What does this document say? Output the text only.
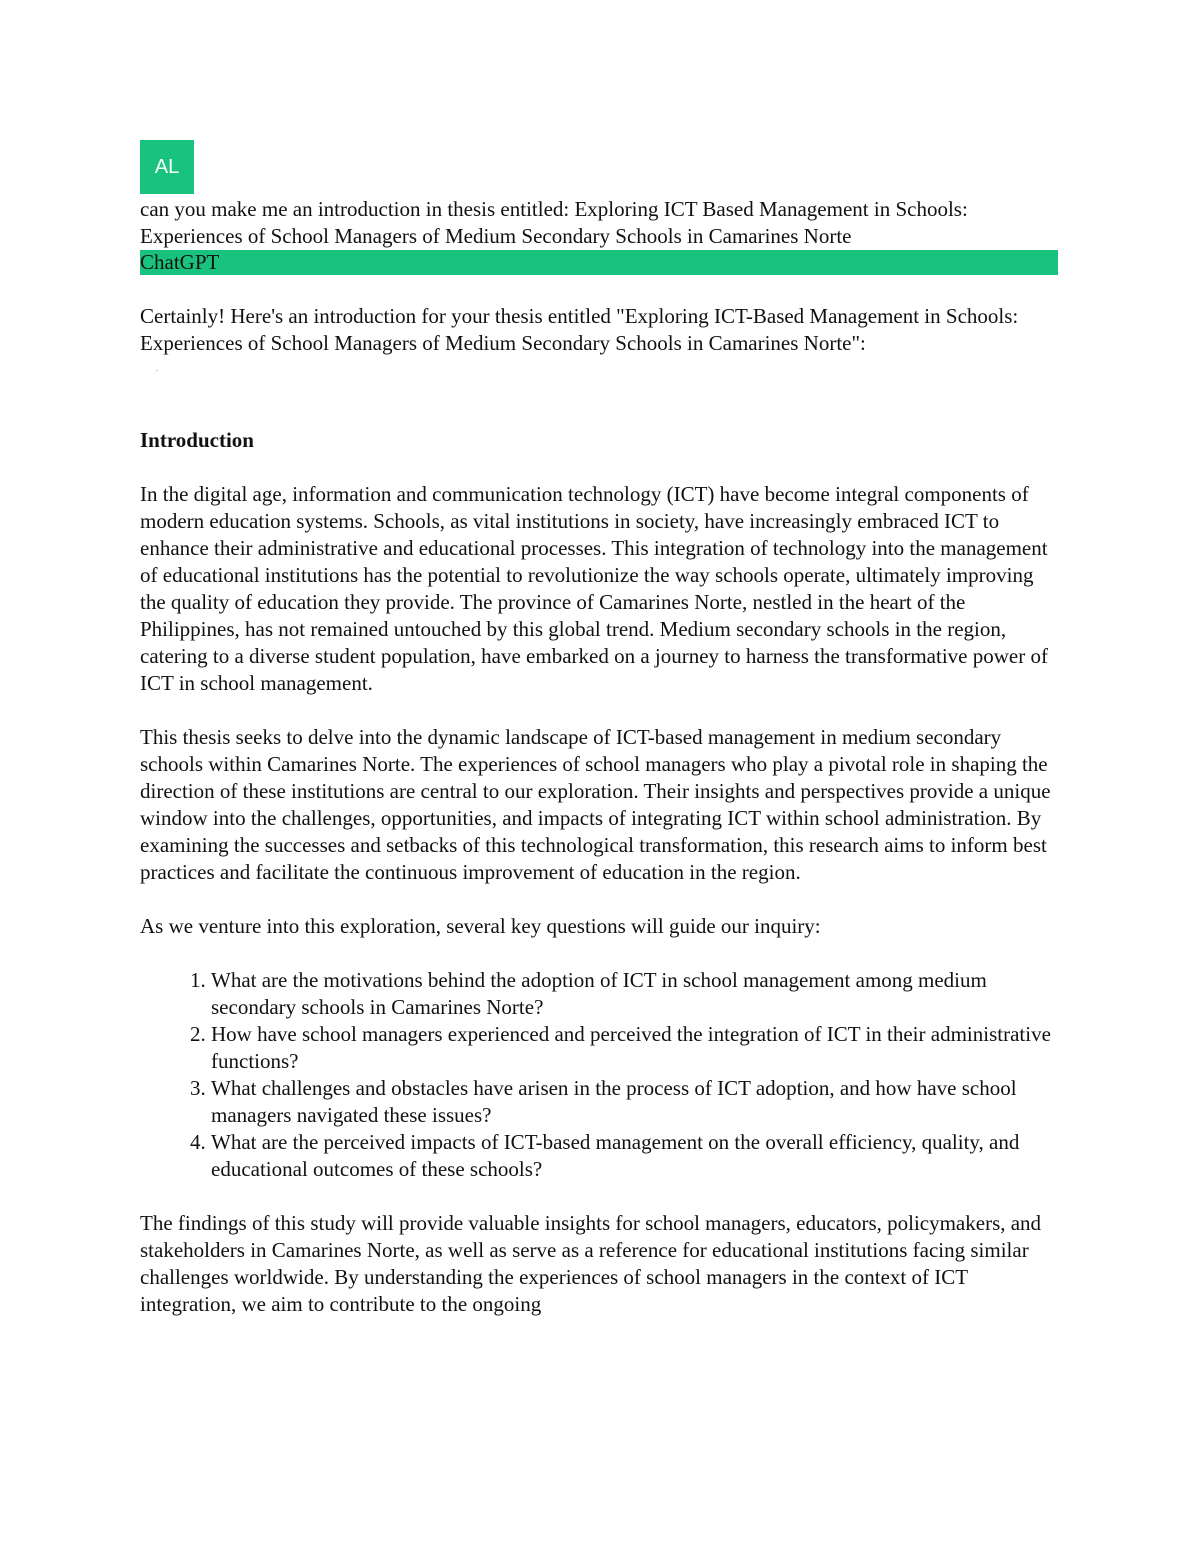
AL

can you make me an introduction in thesis entitled: Exploring ICT Based Management in Schools: Experiences of School Managers of Medium Secondary Schools in Camarines Norte

ChatGPT

Certainly! Here's an introduction for your thesis entitled "Exploring ICT-Based Management in Schools: Experiences of School Managers of Medium Secondary Schools in Camarines Norte":

'
Introduction

In the digital age, information and communication technology (ICT) have become integral components of modern education systems. Schools, as vital institutions in society, have increasingly embraced ICT to enhance their administrative and educational processes. This integration of technology into the management of educational institutions has the potential to revolutionize the way schools operate, ultimately improving the quality of education they provide. The province of Camarines Norte, nestled in the heart of the Philippines, has not remained untouched by this global trend. Medium secondary schools in the region, catering to a diverse student population, have embarked on a journey to harness the transformative power of ICT in school management.

This thesis seeks to delve into the dynamic landscape of ICT-based management in medium secondary schools within Camarines Norte. The experiences of school managers who play a pivotal role in shaping the direction of these institutions are central to our exploration. Their insights and perspectives provide a unique window into the challenges, opportunities, and impacts of integrating ICT within school administration. By examining the successes and setbacks of this technological transformation, this research aims to inform best practices and facilitate the continuous improvement of education in the region.

As we venture into this exploration, several key questions will guide our inquiry:

1. What are the motivations behind the adoption of ICT in school management among medium secondary schools in Camarines Norte?
2. How have school managers experienced and perceived the integration of ICT in their administrative functions?
3. What challenges and obstacles have arisen in the process of ICT adoption, and how have school managers navigated these issues?
4. What are the perceived impacts of ICT-based management on the overall efficiency, quality, and educational outcomes of these schools?

The findings of this study will provide valuable insights for school managers, educators, policymakers, and stakeholders in Camarines Norte, as well as serve as a reference for educational institutions facing similar challenges worldwide. By understanding the experiences of school managers in the context of ICT integration, we aim to contribute to the ongoing
